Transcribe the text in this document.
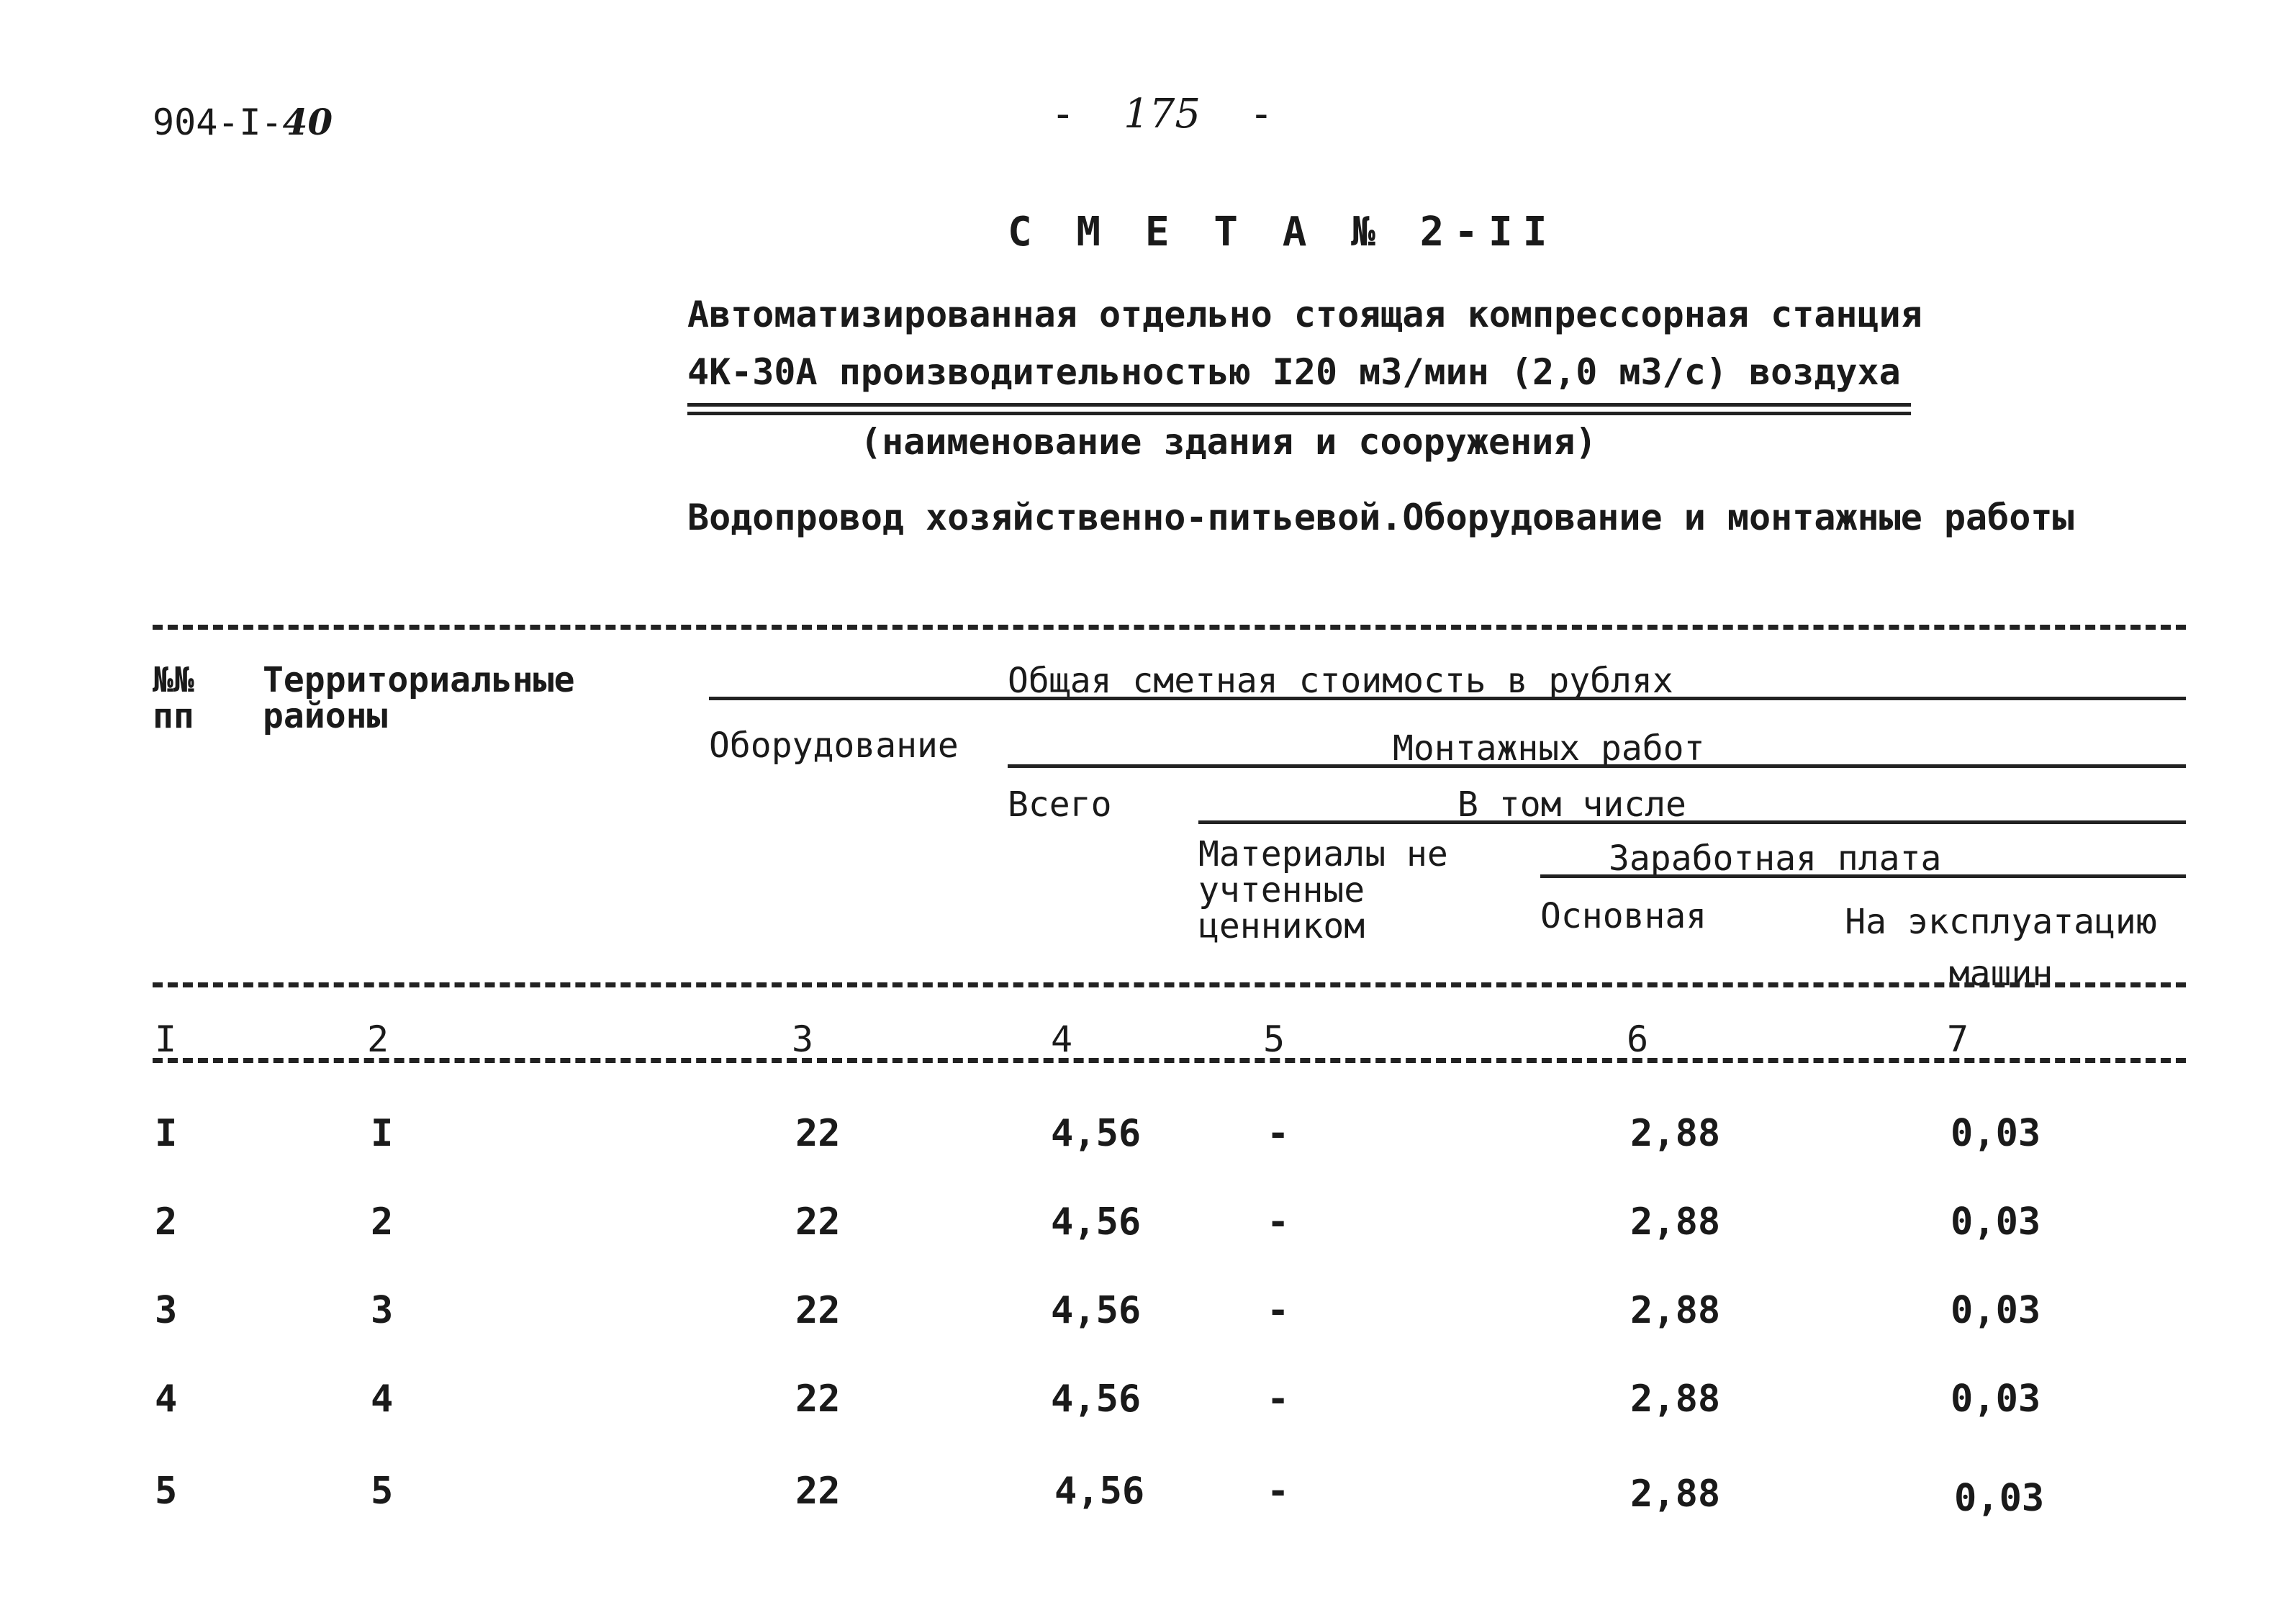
904-I-40	- 175 -
С М Е Т А № 2-II
Автоматизированная отдельно стоящая компрессорная станция
4К-30А производительностью I20 м3/мин (2,0 м3/с) воздуха
(наименование здания и сооружения)
Водопровод хозяйственно-питьевой.Оборудование и монтажные работы
№№ пп
Территориальные районы
Общая сметная стоимость в рублях
Оборудование	Монтажных работ
Всего	В том числе
Материалы не учтенные ценником
Заработная плата
Основная	На эксплуатацию машин
I	2	3	4	5	6	7
I	I	22	4,56	-	2,88	0,03
2	2	22	4,56	-	2,88	0,03
3	3	22	4,56	-	2,88	0,03
4	4	22	4,56	-	2,88	0,03
5	5	22	4,56	-	2,88	0,03
